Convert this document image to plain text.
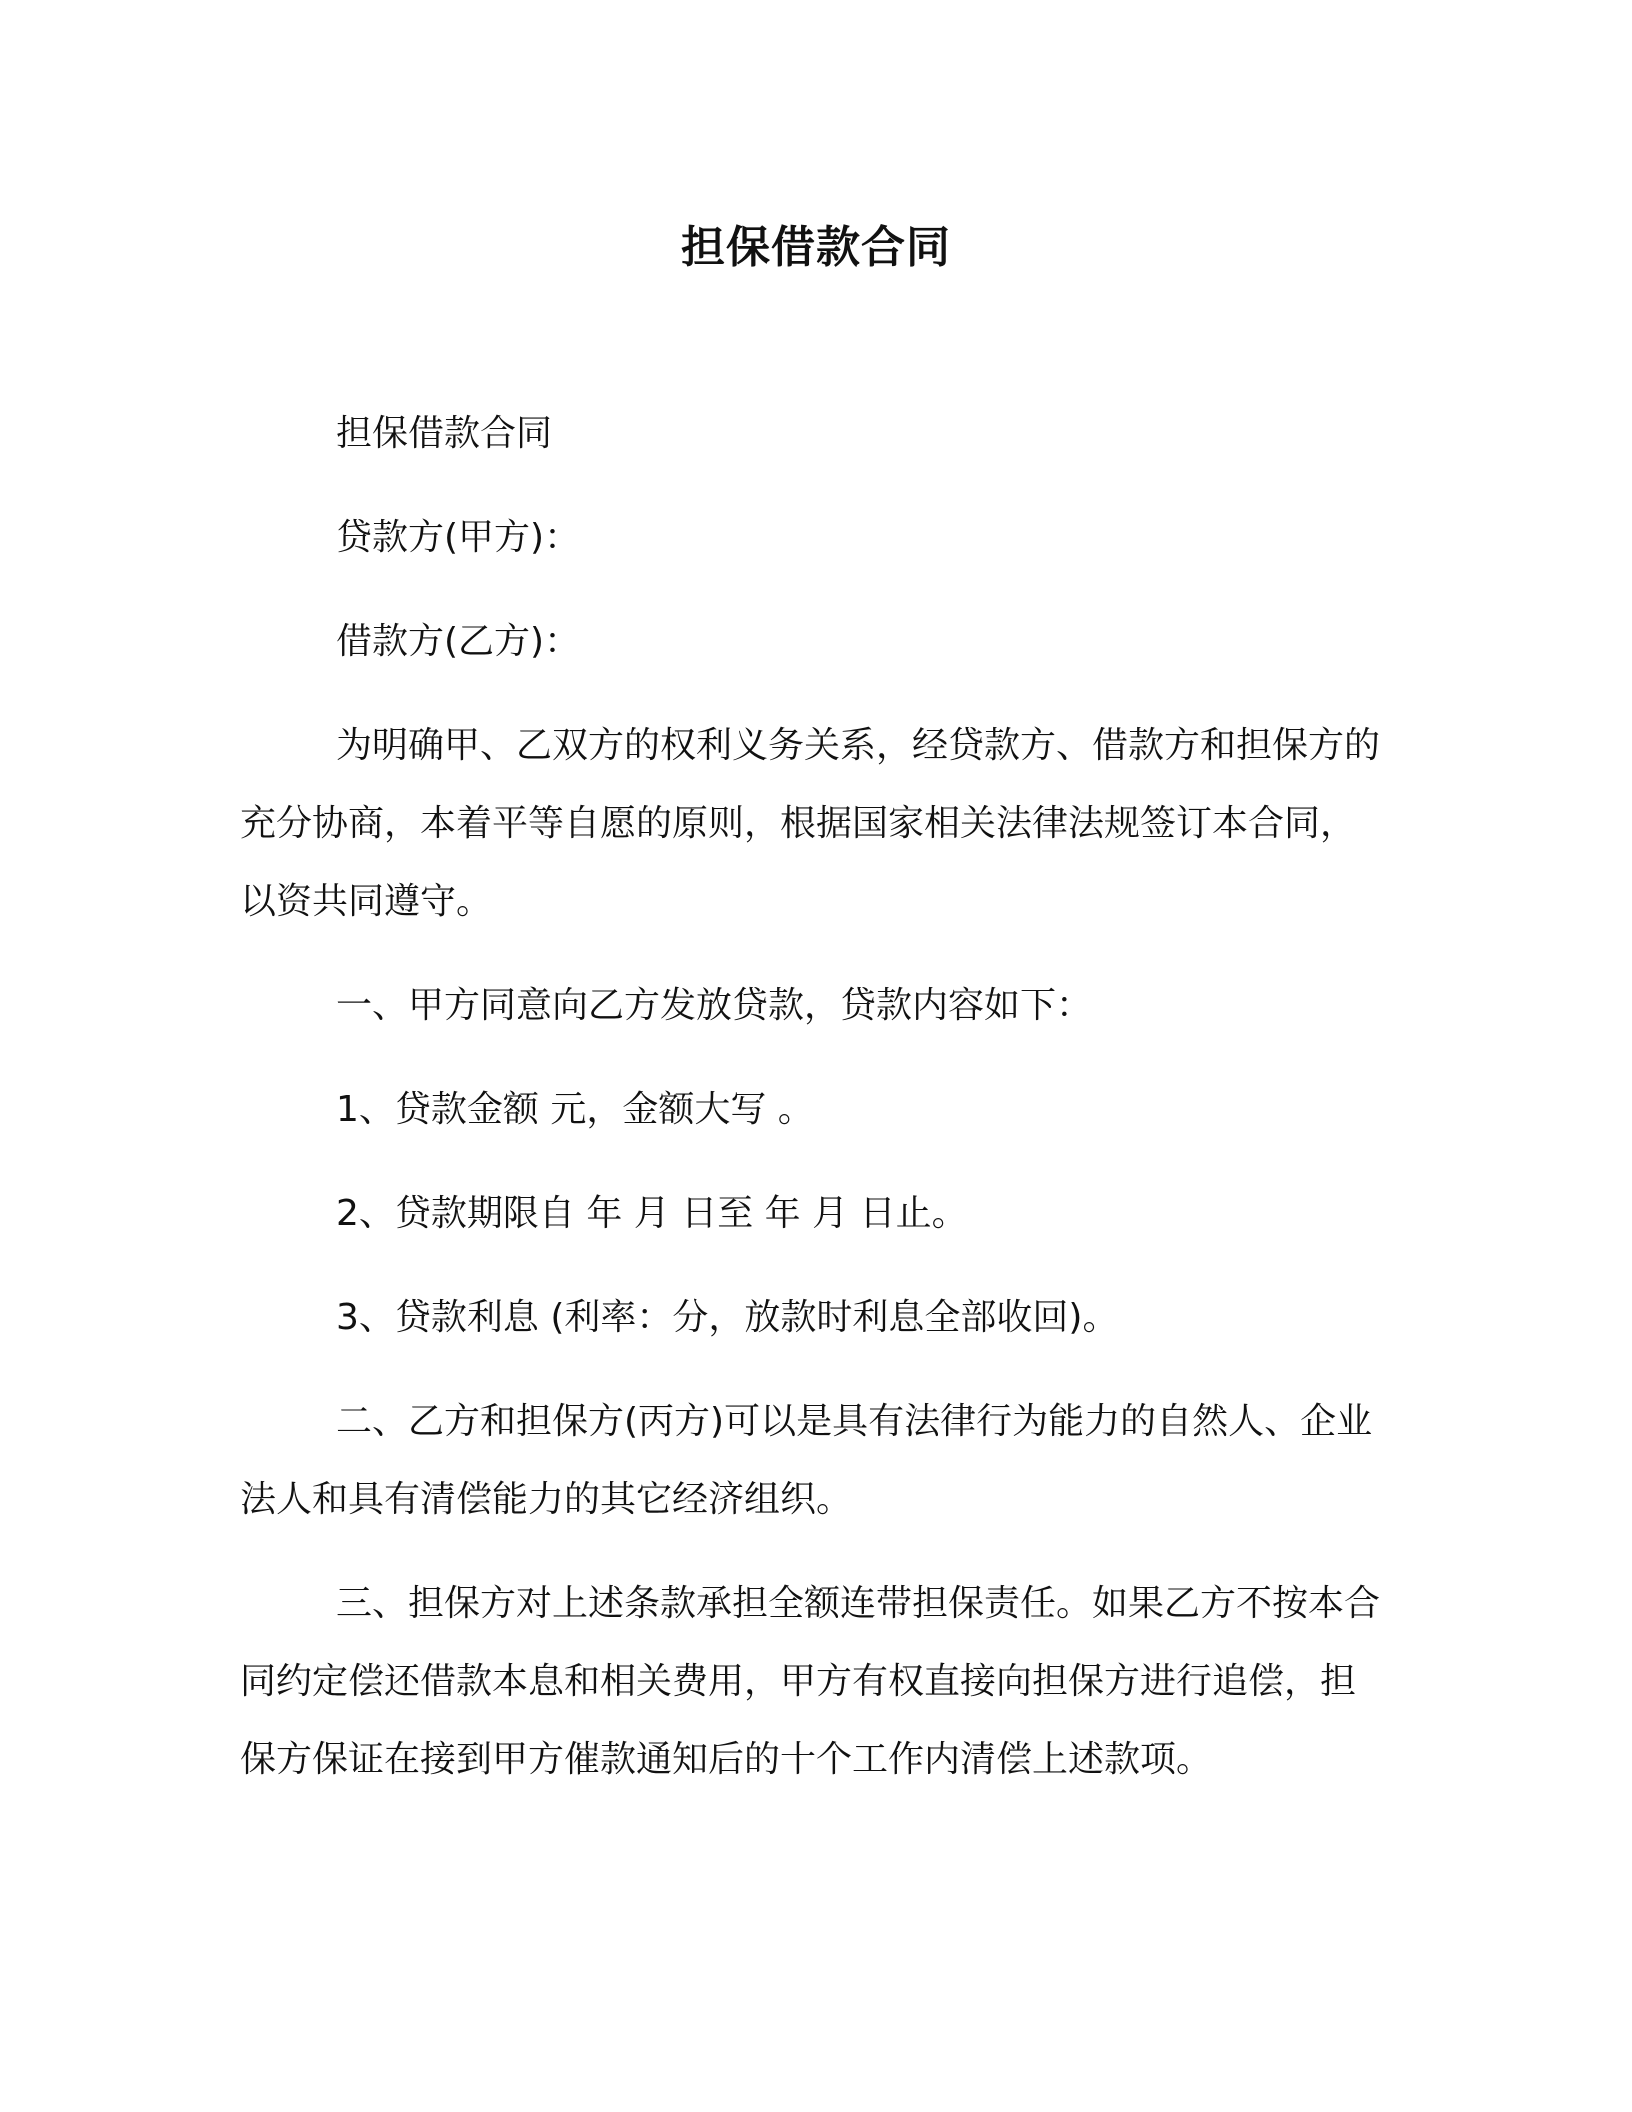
担保借款合同

担保借款合同

贷款方(甲方)：

借款方(乙方)：

为明确甲、乙双方的权利义务关系，经贷款方、借款方和担保方的充分协商，本着平等自愿的原则，根据国家相关法律法规签订本合同，以资共同遵守。

一、甲方同意向乙方发放贷款，贷款内容如下：

1、贷款金额 元，金额大写 。

2、贷款期限自 年 月 日至 年 月 日止。

3、贷款利息 (利率：分，放款时利息全部收回)。

二、乙方和担保方(丙方)可以是具有法律行为能力的自然人、企业法人和具有清偿能力的其它经济组织。

三、担保方对上述条款承担全额连带担保责任。如果乙方不按本合同约定偿还借款本息和相关费用，甲方有权直接向担保方进行追偿，担保方保证在接到甲方催款通知后的十个工作内清偿上述款项。
